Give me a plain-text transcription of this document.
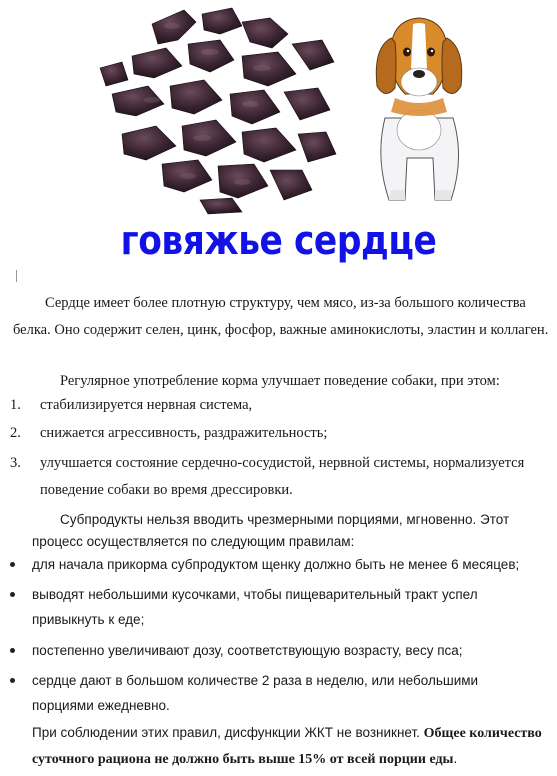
говяжье сердце

Сердце имеет более плотную структуру, чем мясо, из-за большого количества белка. Оно содержит селен, цинк, фосфор, важные аминокислоты, эластин и коллаген.

Регулярное употребление корма улучшает поведение собаки, при этом:

1. стабилизируется нервная система,
2. снижается агрессивность, раздражительность;
3. улучшается состояние сердечно-сосудистой, нервной системы, нормализуется поведение собаки во время дрессировки.

Субпродукты нельзя вводить чрезмерными порциями, мгновенно. Этот процесс осуществляется по следующим правилам:

для начала прикорма субпродуктом щенку должно быть не менее 6 месяцев;
выводят небольшими кусочками, чтобы пищеварительный тракт успел привыкнуть к еде;
постепенно увеличивают дозу, соответствующую возрасту, весу пса;
сердце дают в большом количестве 2 раза в неделю, или небольшими порциями ежедневно.

При соблюдении этих правил, дисфункции ЖКТ не возникнет. Общее количество суточного рациона не должно быть выше 15% от всей порции еды.
